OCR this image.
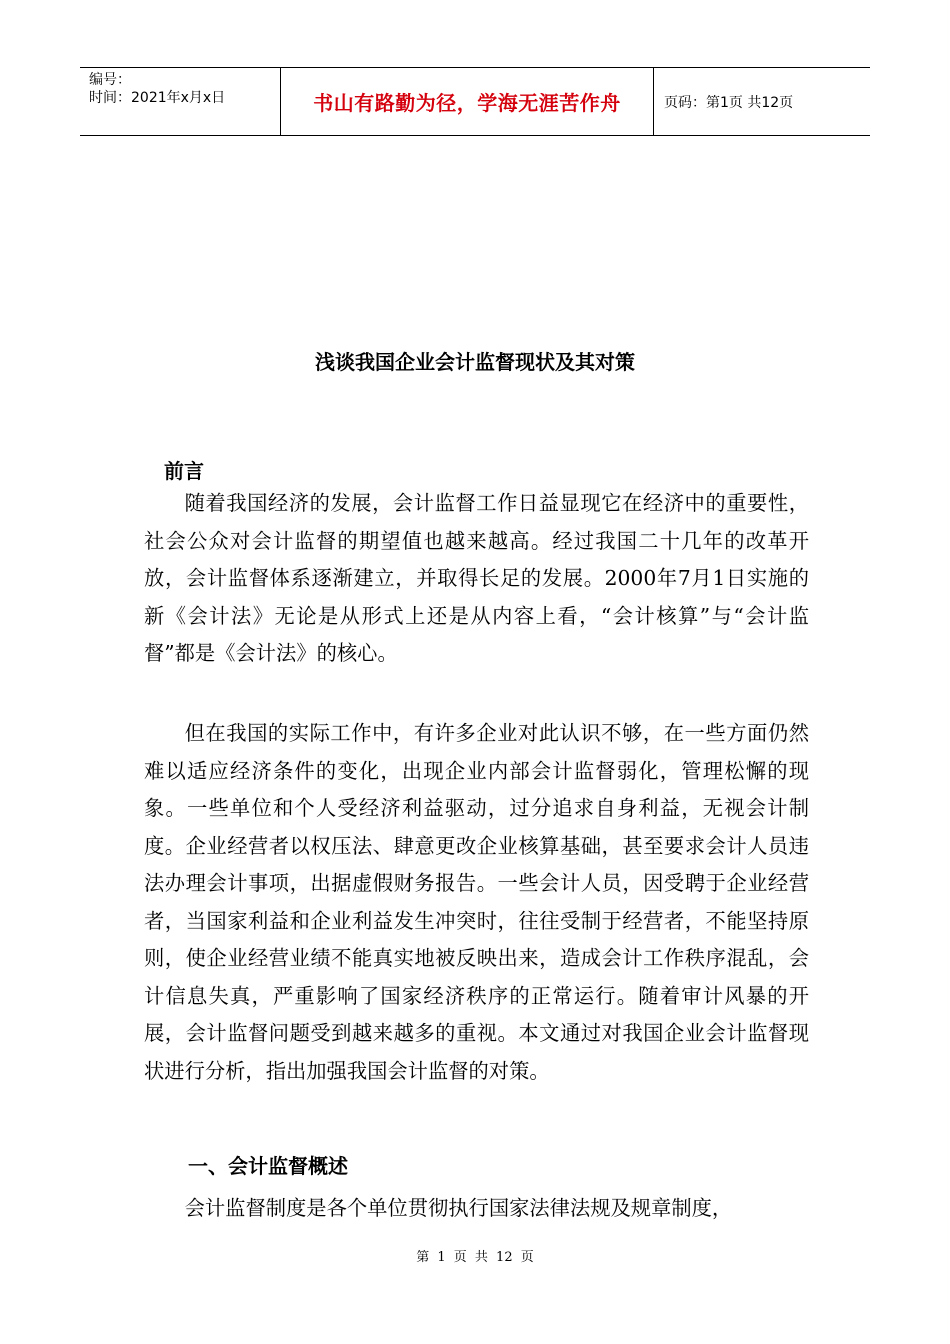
编号：
时间：2021年x月x日	书山有路勤为径，学海无涯苦作舟	页码：第1页 共12页
浅谈我国企业会计监督现状及其对策
前言

随着我国经济的发展，会计监督工作日益显现它在经济中的重要性，社会公众对会计监督的期望值也越来越高。经过我国二十几年的改革开放，会计监督体系逐渐建立，并取得长足的发展。2000年7月1日实施的新《会计法》无论是从形式上还是从内容上看，“会计核算”与“会计监督”都是《会计法》的核心。

但在我国的实际工作中，有许多企业对此认识不够，在一些方面仍然难以适应经济条件的变化，出现企业内部会计监督弱化，管理松懈的现象。一些单位和个人受经济利益驱动，过分追求自身利益，无视会计制度。企业经营者以权压法、肆意更改企业核算基础，甚至要求会计人员违法办理会计事项，出据虚假财务报告。一些会计人员，因受聘于企业经营者，当国家利益和企业利益发生冲突时，往往受制于经营者，不能坚持原则，使企业经营业绩不能真实地被反映出来，造成会计工作秩序混乱，会计信息失真，严重影响了国家经济秩序的正常运行。随着审计风暴的开展，会计监督问题受到越来越多的重视。本文通过对我国企业会计监督现状进行分析，指出加强我国会计监督的对策。

一、会计监督概述

会计监督制度是各个单位贯彻执行国家法律法规及规章制度，

第 1 页 共 12 页
